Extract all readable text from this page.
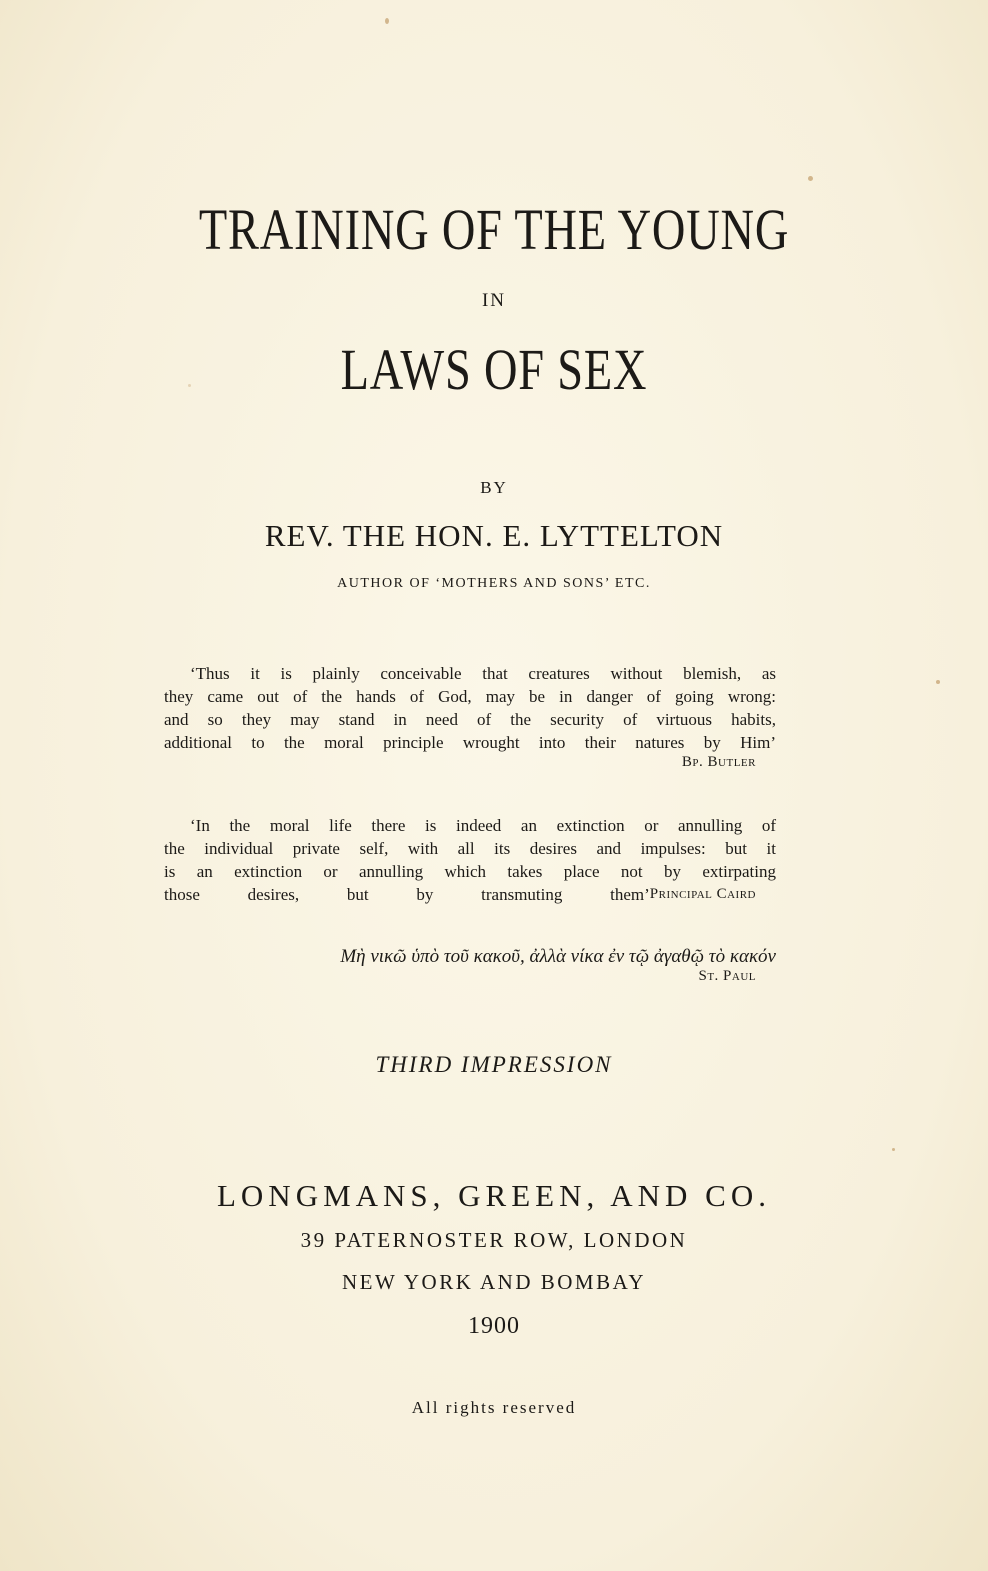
TRAINING OF THE YOUNG
IN
LAWS OF SEX
BY
REV. THE HON. E. LYTTELTON
AUTHOR OF ‘MOTHERS AND SONS’ ETC.
‘Thus it is plainly conceivable that creatures without blemish, as
they came out of the hands of God, may be in danger of going wrong:
and so they may stand in need of the security of virtuous habits,
additional to the moral principle wrought into their natures by Him’
Bp. Butler
‘In the moral life there is indeed an extinction or annulling of
the individual private self, with all its desires and impulses: but it
is an extinction or annulling which takes place not by extirpating
those desires, but by transmuting them’ Principal Caird
Μὴ νικῶ ὑπὸ τοῦ κακοῦ, ἀλλὰ νίκα ἐν τῷ ἀγαθῷ τὸ κακόν
St. Paul
THIRD IMPRESSION
LONGMANS, GREEN, AND CO.
39 PATERNOSTER ROW, LONDON
NEW YORK AND BOMBAY
1900
All rights reserved
